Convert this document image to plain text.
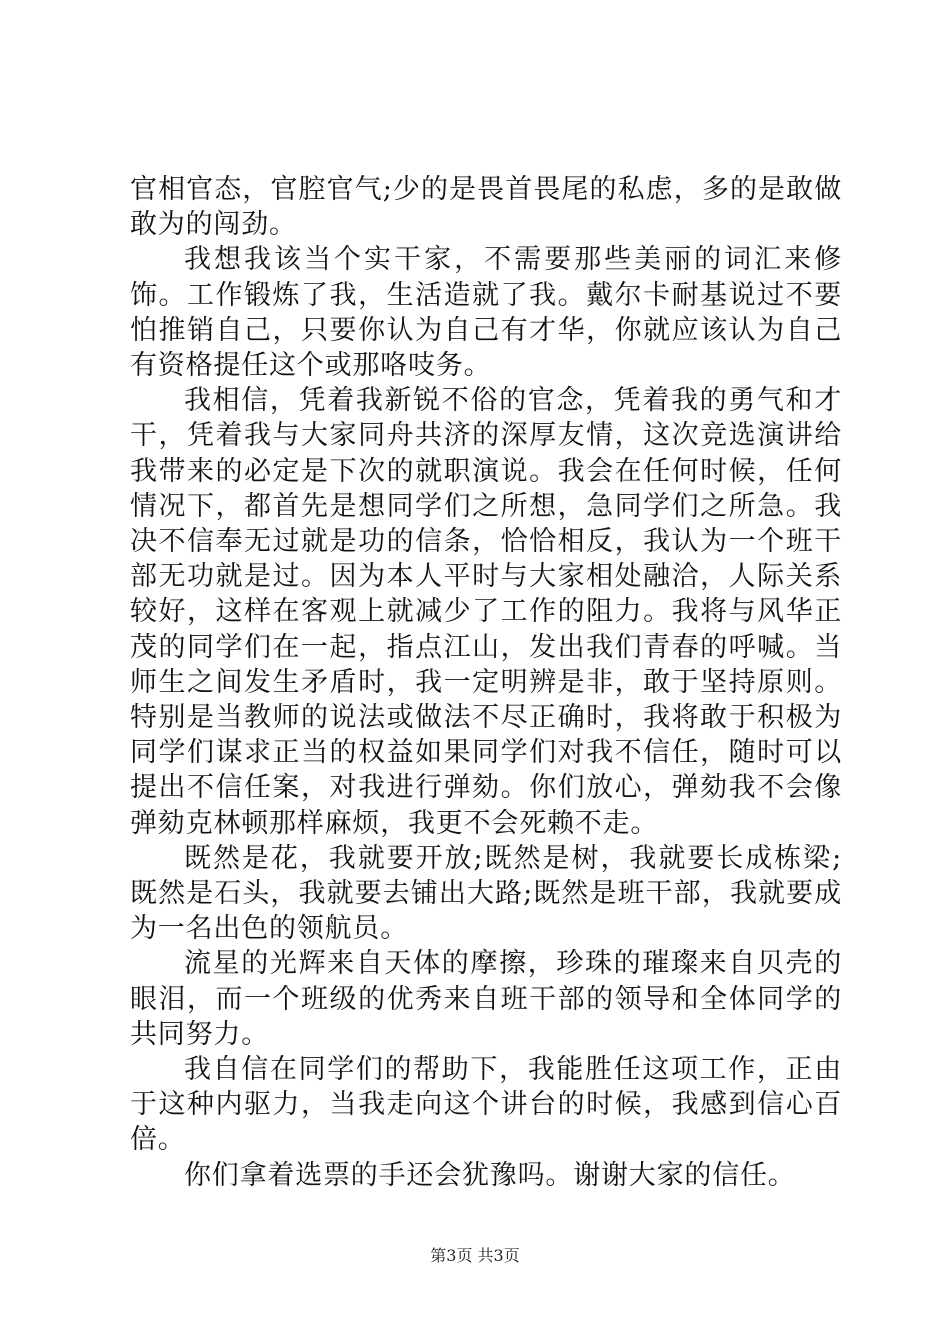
官相官态，官腔官气;少的是畏首畏尾的私虑，多的是敢做敢为的闯劲。

我想我该当个实干家，不需要那些美丽的词汇来修饰。工作锻炼了我，生活造就了我。戴尔卡耐基说过不要怕推销自己，只要你认为自己有才华，你就应该认为自己有资格提任这个或那咯吱务。

我相信，凭着我新锐不俗的官念，凭着我的勇气和才干，凭着我与大家同舟共济的深厚友情，这次竞选演讲给我带来的必定是下次的就职演说。我会在任何时候，任何情况下，都首先是想同学们之所想，急同学们之所急。我决不信奉无过就是功的信条，恰恰相反，我认为一个班干部无功就是过。因为本人平时与大家相处融洽，人际关系较好，这样在客观上就减少了工作的阻力。我将与风华正茂的同学们在一起，指点江山，发出我们青春的呼喊。当师生之间发生矛盾时，我一定明辨是非，敢于坚持原则。特别是当教师的说法或做法不尽正确时，我将敢于积极为同学们谋求正当的权益如果同学们对我不信任，随时可以提出不信任案，对我进行弹劾。你们放心，弹劾我不会像弹劾克林顿那样麻烦，我更不会死赖不走。

既然是花，我就要开放;既然是树，我就要长成栋梁;既然是石头，我就要去铺出大路;既然是班干部，我就要成为一名出色的领航员。

流星的光辉来自天体的摩擦，珍珠的璀璨来自贝壳的眼泪，而一个班级的优秀来自班干部的领导和全体同学的共同努力。

我自信在同学们的帮助下，我能胜任这项工作，正由于这种内驱力，当我走向这个讲台的时候，我感到信心百倍。

你们拿着选票的手还会犹豫吗。谢谢大家的信任。

第3页 共3页
